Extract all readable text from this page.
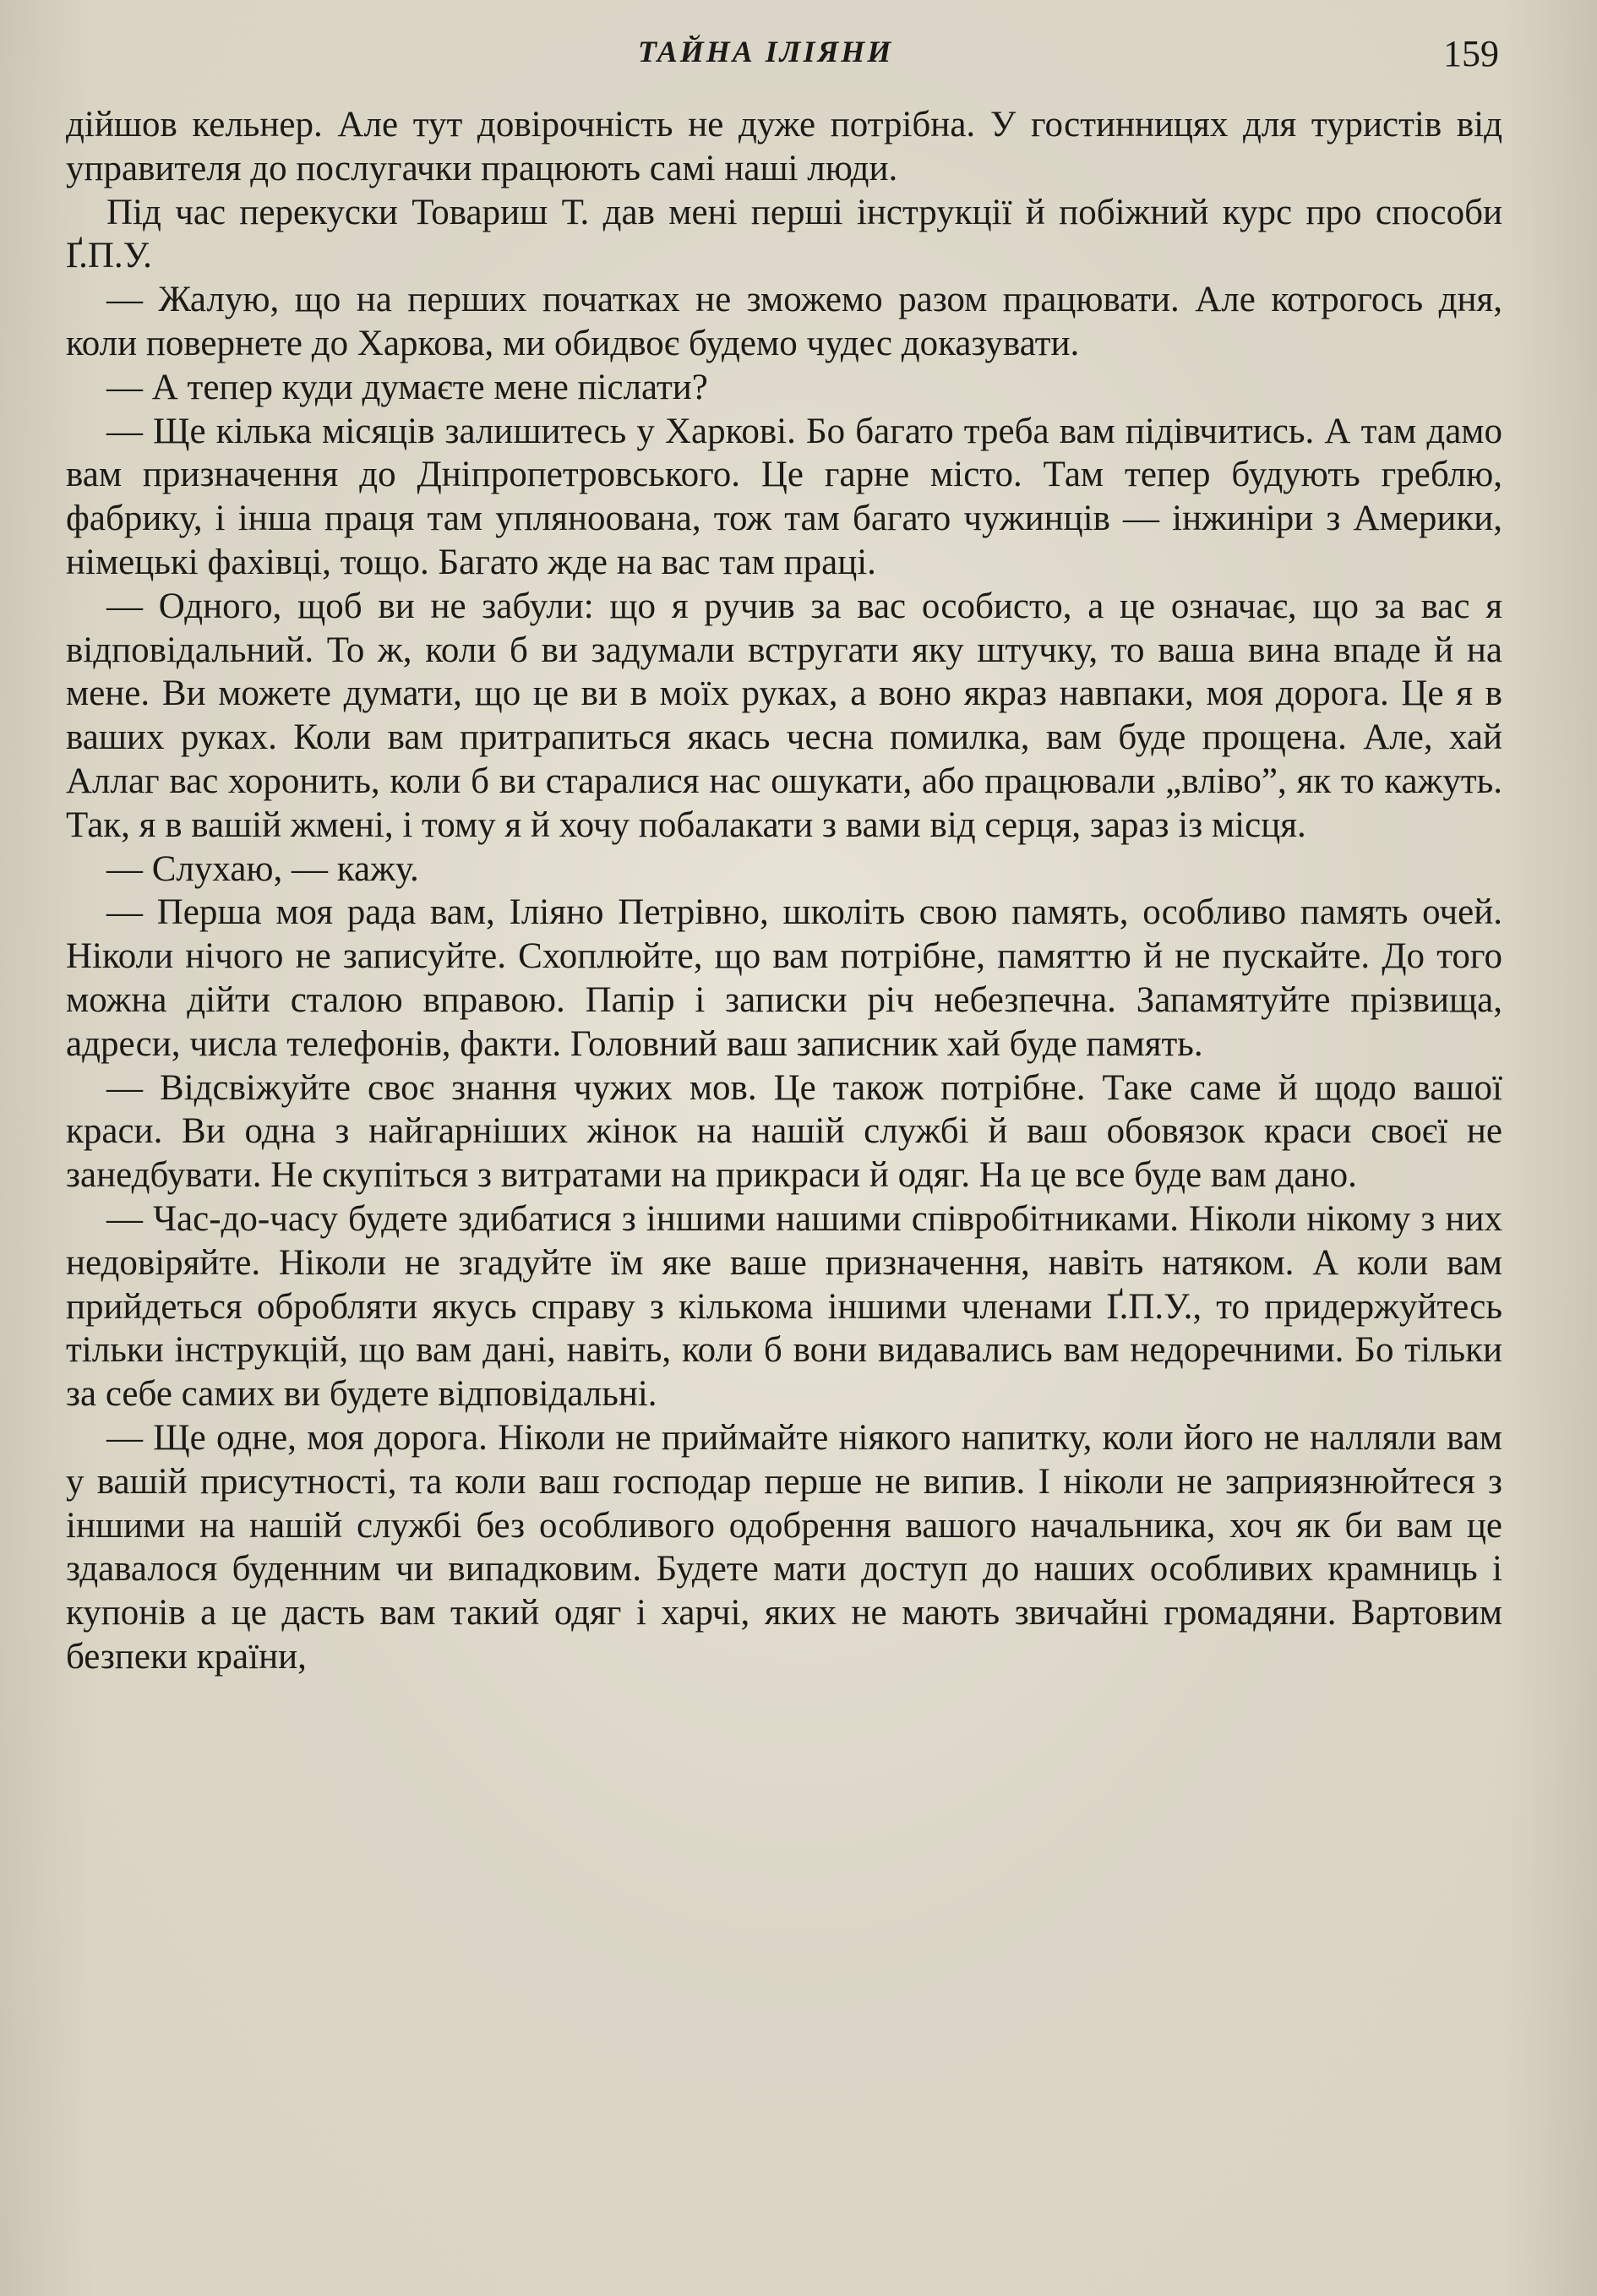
ТАЙНА ІЛІЯНИ	159

дійшов кельнер. Але тут довірочність не дуже потрібна. У гостинницях для туристів від управителя до послугачки працюють самі наші люди.

Під час перекуски Товариш Т. дав мені перші інструкції й побіжний курс про способи Ґ.П.У.

— Жалую, що на перших початках не зможемо разом працювати. Але котрогось дня, коли повернете до Харкова, ми обидвоє будемо чудес доказувати.

— А тепер куди думаєте мене післати?

— Ще кілька місяців залишитесь у Харкові. Бо багато треба вам підівчитись. А там дамо вам призначення до Дніпропетровського. Це гарне місто. Там тепер будують греблю, фабрику, і інша праця там упляноована, тож там багато чужинців — інжиніри з Америки, німецькі фахівці, тощо. Багато жде на вас там праці.

— Одного, щоб ви не забули: що я ручив за вас особисто, а це означає, що за вас я відповідальний. То ж, коли б ви задумали встругати яку штучку, то ваша вина впаде й на мене. Ви можете думати, що це ви в моїх руках, а воно якраз навпаки, моя дорога. Це я в ваших руках. Коли вам притрапиться якась чесна помилка, вам буде прощена. Але, хай Аллаг вас хоронить, коли б ви старалися нас ошукати, або працювали „вліво”, як то кажуть. Так, я в вашій жмені, і тому я й хочу побалакати з вами від серця, зараз із місця.

— Слухаю, — кажу.

— Перша моя рада вам, Іліяно Петрівно, школіть свою память, особливо память очей. Ніколи нічого не записуйте. Схоплюйте, що вам потрібне, памяттю й не пускайте. До того можна дійти сталою вправою. Папір і записки річ небезпечна. Запамятуйте прізвища, адреси, числа телефонів, факти. Головний ваш записник хай буде память.

— Відсвіжуйте своє знання чужих мов. Це також потрібне. Таке саме й щодо вашої краси. Ви одна з найгарніших жінок на нашій службі й ваш обовязок краси своєї не занедбувати. Не скупіться з витратами на прикраси й одяг. На це все буде вам дано.

— Час-до-часу будете здибатися з іншими нашими співробітниками. Ніколи нікому з них недовіряйте. Ніколи не згадуйте їм яке ваше призначення, навіть натяком. А коли вам прийдеться обробляти якусь справу з кількома іншими членами Ґ.П.У., то придержуйтесь тільки інструкцій, що вам дані, навіть, коли б вони видавались вам недоречними. Бо тільки за себе самих ви будете відповідальні.

— Ще одне, моя дорога. Ніколи не приймайте ніякого напитку, коли його не налляли вам у вашій присутності, та коли ваш господар перше не випив. І ніколи не заприязнюйтеся з іншими на нашій службі без особливого одобрення вашого начальника, хоч як би вам це здавалося буденним чи випадковим. Будете мати доступ до наших особливих крамниць і купонів а це дасть вам такий одяг і харчі, яких не мають звичайні громадяни. Вартовим безпеки країни,
